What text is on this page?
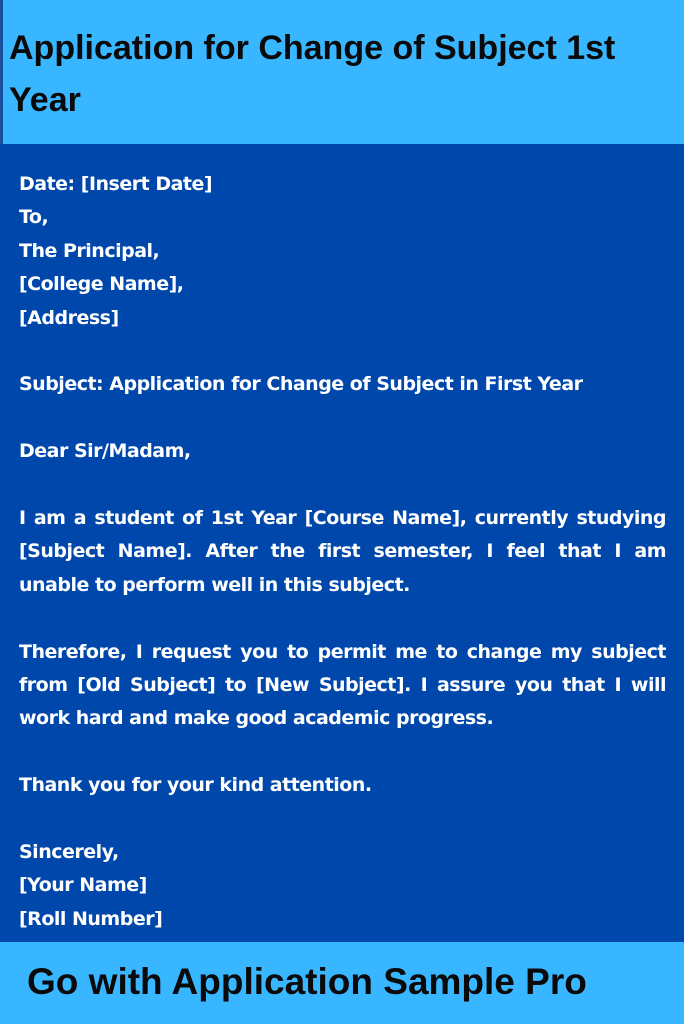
Application for Change of Subject 1st Year

Date: [Insert Date]

To,

The Principal,

[College Name],

[Address]

Subject: Application for Change of Subject in First Year

Dear Sir/Madam,

I am a student of 1st Year [Course Name], currently studying [Subject Name]. After the first semester, I feel that I am unable to perform well in this subject.

Therefore, I request you to permit me to change my subject from [Old Subject] to [New Subject]. I assure you that I will work hard and make good academic progress.

Thank you for your kind attention.

Sincerely,

[Your Name]

[Roll Number]

Go with Application Sample Pro
